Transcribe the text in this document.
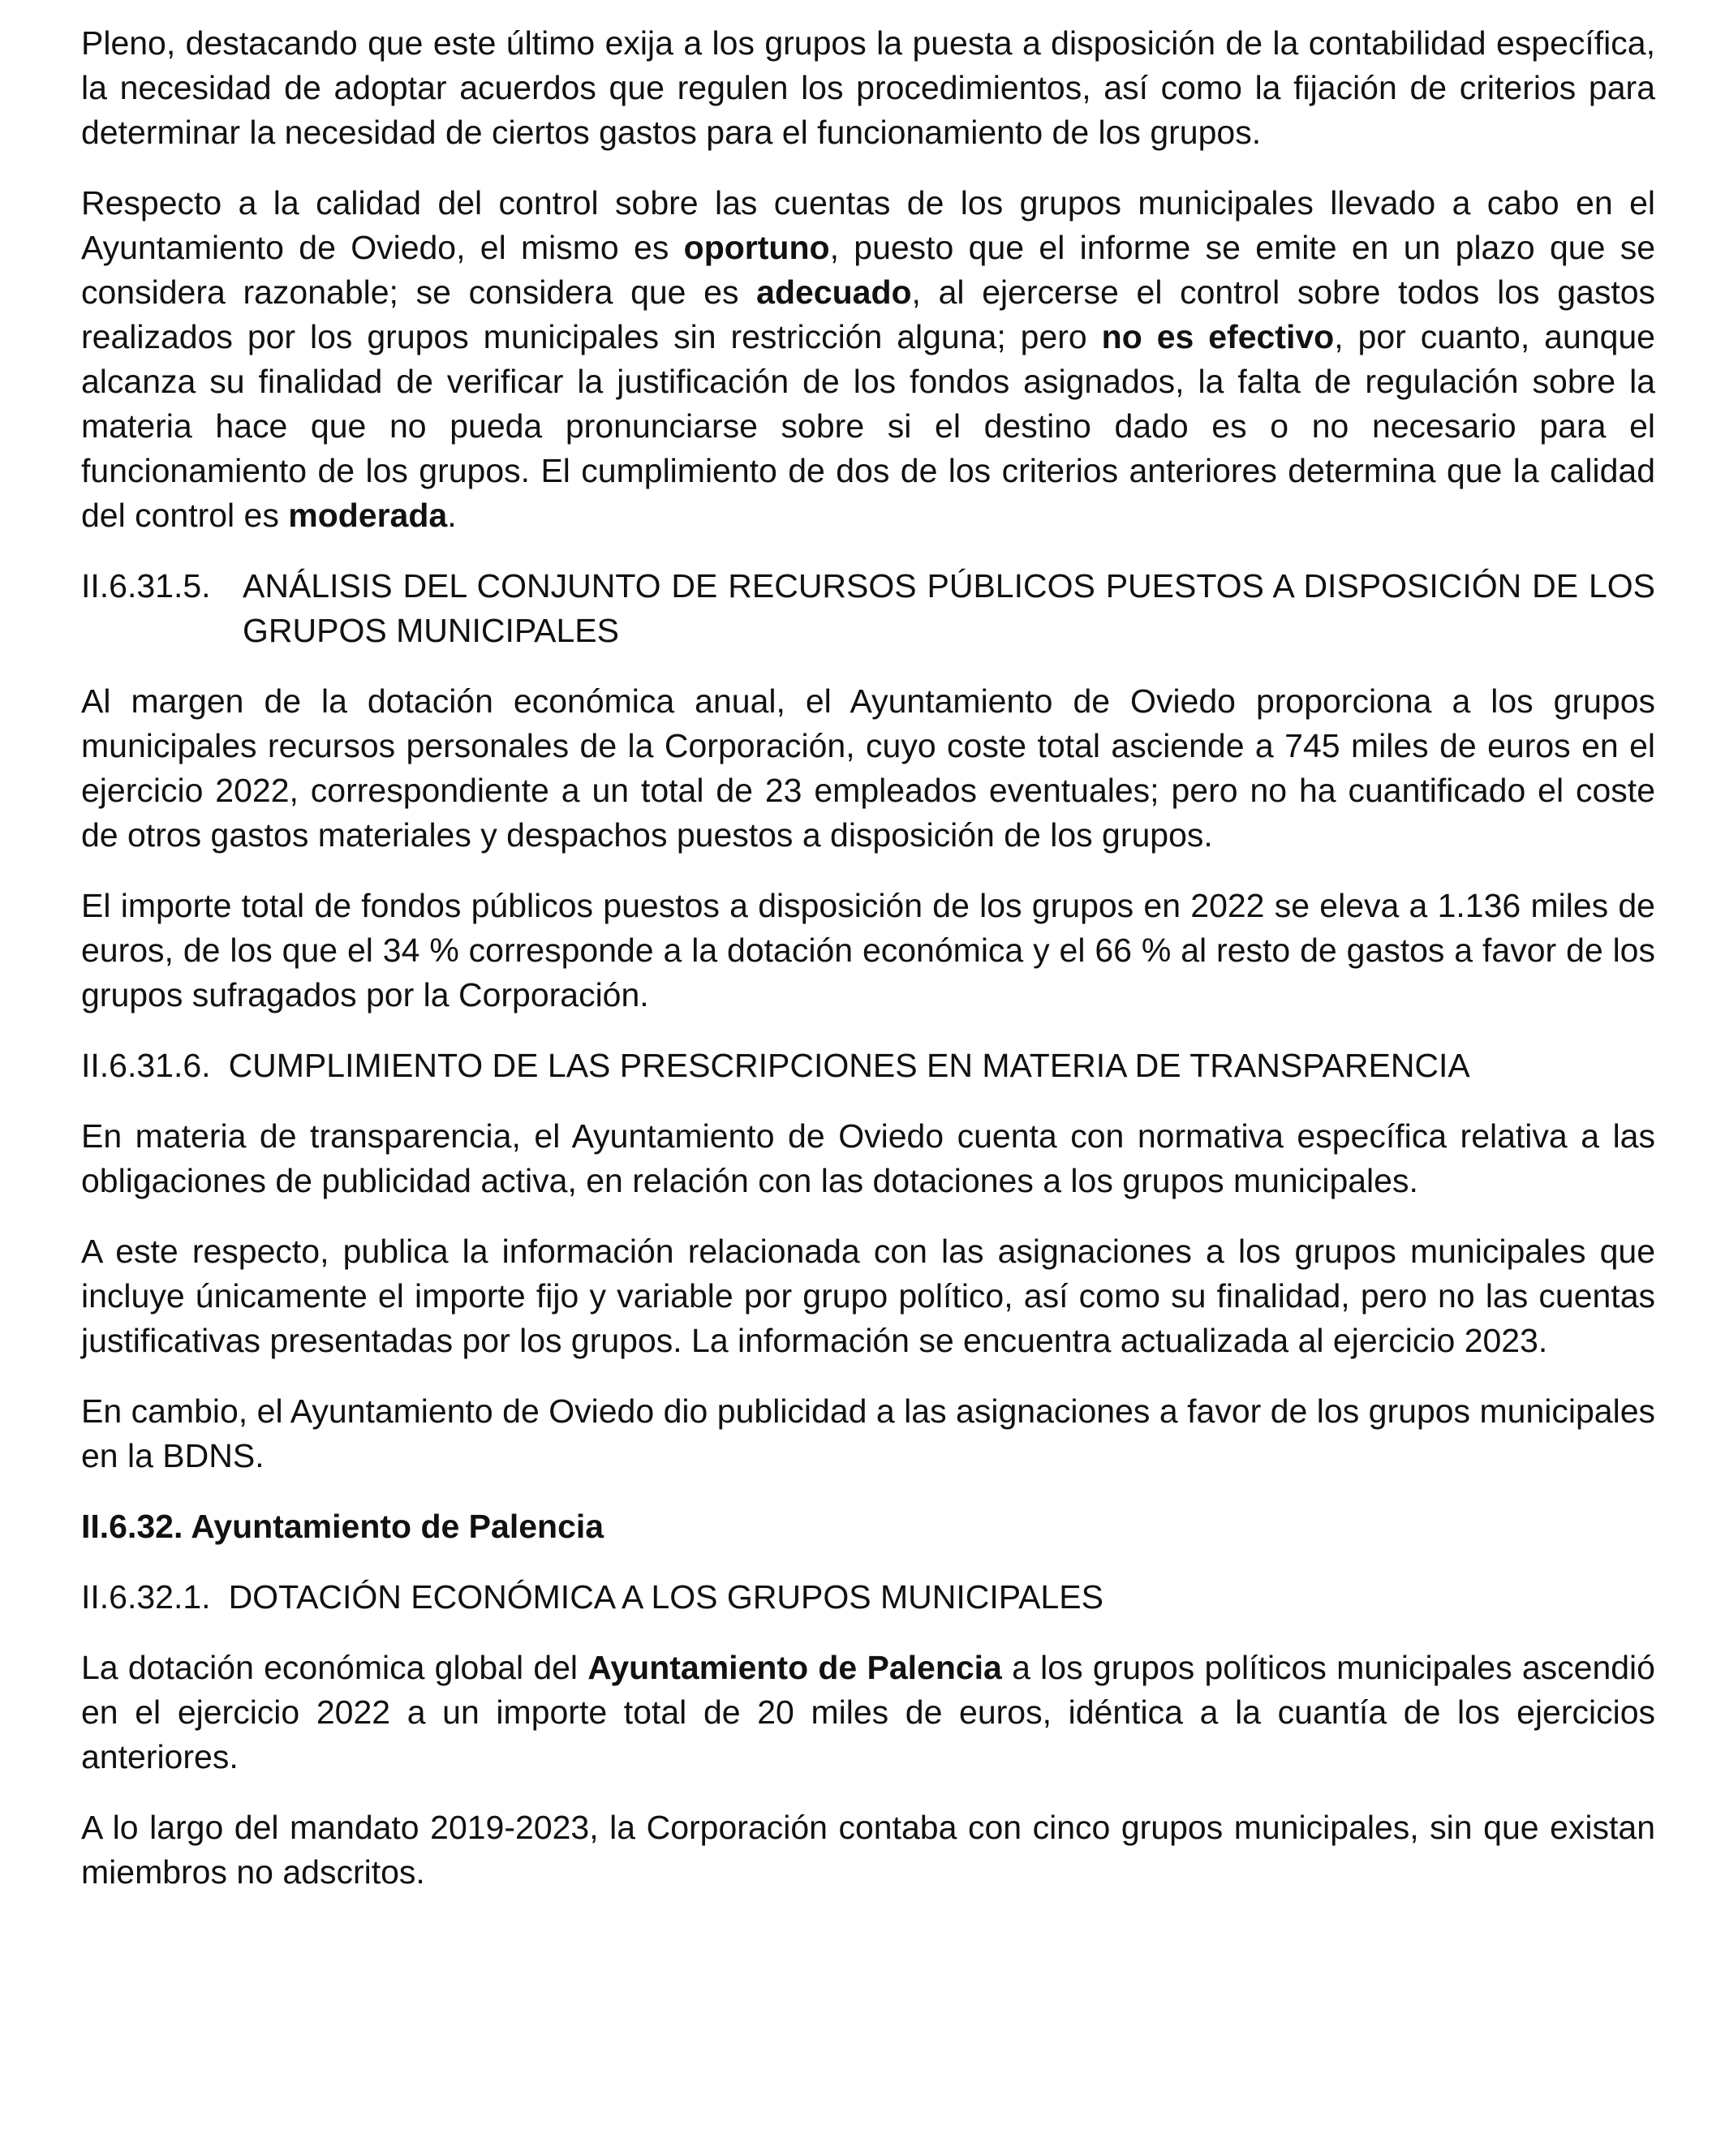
Pleno, destacando que este último exija a los grupos la puesta a disposición de la contabilidad específica, la necesidad de adoptar acuerdos que regulen los procedimientos, así como la fijación de criterios para determinar la necesidad de ciertos gastos para el funcionamiento de los grupos.

Respecto a la calidad del control sobre las cuentas de los grupos municipales llevado a cabo en el Ayuntamiento de Oviedo, el mismo es oportuno, puesto que el informe se emite en un plazo que se considera razonable; se considera que es adecuado, al ejercerse el control sobre todos los gastos realizados por los grupos municipales sin restricción alguna; pero no es efectivo, por cuanto, aunque alcanza su finalidad de verificar la justificación de los fondos asignados, la falta de regulación sobre la materia hace que no pueda pronunciarse sobre si el destino dado es o no necesario para el funcionamiento de los grupos. El cumplimiento de dos de los criterios anteriores determina que la calidad del control es moderada.

II.6.31.5. ANÁLISIS DEL CONJUNTO DE RECURSOS PÚBLICOS PUESTOS A DISPOSICIÓN DE LOS GRUPOS MUNICIPALES

Al margen de la dotación económica anual, el Ayuntamiento de Oviedo proporciona a los grupos municipales recursos personales de la Corporación, cuyo coste total asciende a 745 miles de euros en el ejercicio 2022, correspondiente a un total de 23 empleados eventuales; pero no ha cuantificado el coste de otros gastos materiales y despachos puestos a disposición de los grupos.

El importe total de fondos públicos puestos a disposición de los grupos en 2022 se eleva a 1.136 miles de euros, de los que el 34 % corresponde a la dotación económica y el 66 % al resto de gastos a favor de los grupos sufragados por la Corporación.

II.6.31.6. CUMPLIMIENTO DE LAS PRESCRIPCIONES EN MATERIA DE TRANSPARENCIA

En materia de transparencia, el Ayuntamiento de Oviedo cuenta con normativa específica relativa a las obligaciones de publicidad activa, en relación con las dotaciones a los grupos municipales.

A este respecto, publica la información relacionada con las asignaciones a los grupos municipales que incluye únicamente el importe fijo y variable por grupo político, así como su finalidad, pero no las cuentas justificativas presentadas por los grupos. La información se encuentra actualizada al ejercicio 2023.

En cambio, el Ayuntamiento de Oviedo dio publicidad a las asignaciones a favor de los grupos municipales en la BDNS.

II.6.32. Ayuntamiento de Palencia
II.6.32.1. DOTACIÓN ECONÓMICA A LOS GRUPOS MUNICIPALES

La dotación económica global del Ayuntamiento de Palencia a los grupos políticos municipales ascendió en el ejercicio 2022 a un importe total de 20 miles de euros, idéntica a la cuantía de los ejercicios anteriores.

A lo largo del mandato 2019-2023, la Corporación contaba con cinco grupos municipales, sin que existan miembros no adscritos.
